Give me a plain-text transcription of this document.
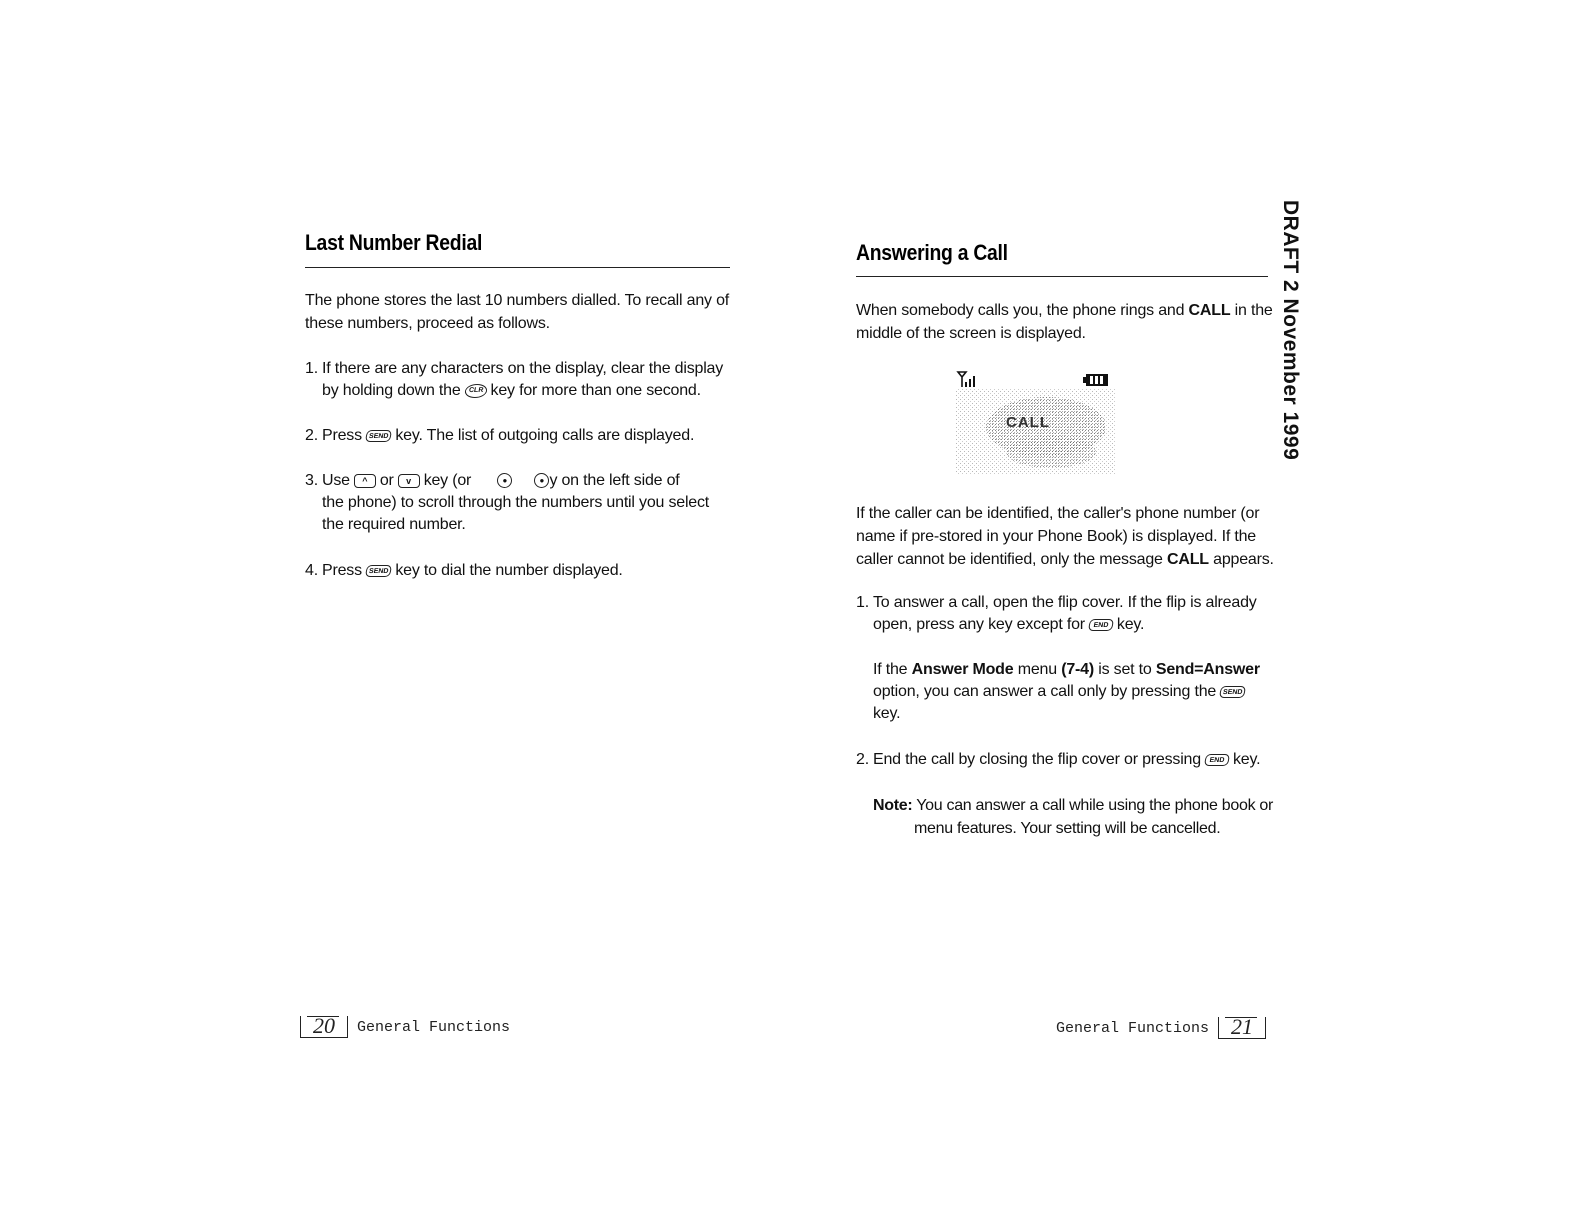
DRAFT 2 November 1999
Last Number Redial
The phone stores the last 10 numbers dialled. To recall any of
these numbers, proceed as follows.
1. If there are any characters on the display, clear the display
by holding down the CLR key for more than one second.
2. Press SEND key. The list of outgoing calls are displayed.
3. Use ^ or v key (or	●	● y on the left side of
the phone) to scroll through the numbers until you select
the required number.
4. Press SEND key to dial the number displayed.
20 General Functions
Answering a Call
When somebody calls you, the phone rings and CALL in the
middle of the screen is displayed.
CALL
If the caller can be identified, the caller's phone number (or
name if pre-stored in your Phone Book) is displayed. If the
caller cannot be identified, only the message CALL appears.
1. To answer a call, open the flip cover. If the flip is already
open, press any key except for END key.
If the Answer Mode menu (7-4) is set to Send=Answer
option, you can answer a call only by pressing the SEND
key.
2. End the call by closing the flip cover or pressing END key.
Note: You can answer a call while using the phone book or
menu features. Your setting will be cancelled.
General Functions 21
